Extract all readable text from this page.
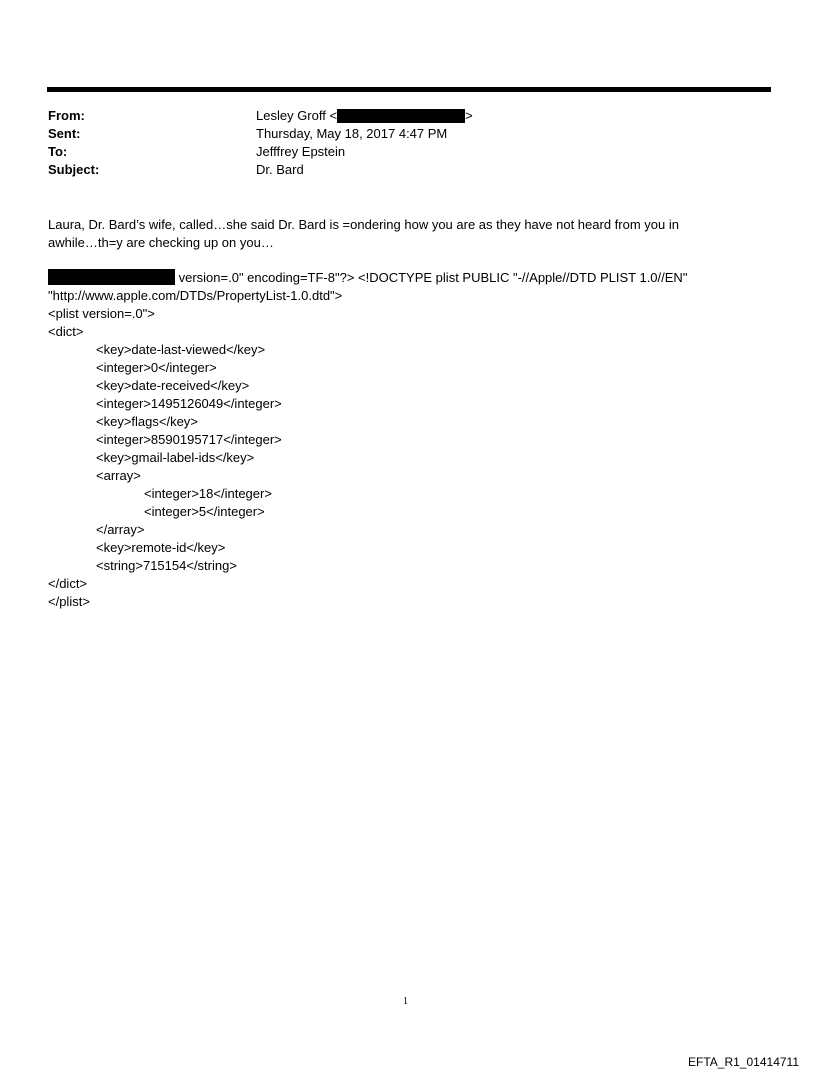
From:	Lesley Groff <	>
Sent:	Thursday, May 18, 2017 4:47 PM
To:	Jefffrey Epstein
Subject:	Dr. Bard
Laura, Dr. Bard’s wife, called…she said Dr. Bard is =ondering how you are as they have not heard from you in awhile…th=y are checking up on you…
version=.0" encoding=TF-8"?> <!DOCTYPE plist PUBLIC "-//Apple//DTD PLIST 1.0//EN"
"http://www.apple.com/DTDs/PropertyList-1.0.dtd">
<plist version=.0">
<dict>
<key>date-last-viewed</key>
<integer>0</integer>
<key>date-received</key>
<integer>1495126049</integer>
<key>flags</key>
<integer>8590195717</integer>
<key>gmail-label-ids</key>
<array>
<integer>18</integer>
<integer>5</integer>
</array>
<key>remote-id</key>
<string>715154</string>
</dict>
</plist>
1
EFTA_R1_01414711
